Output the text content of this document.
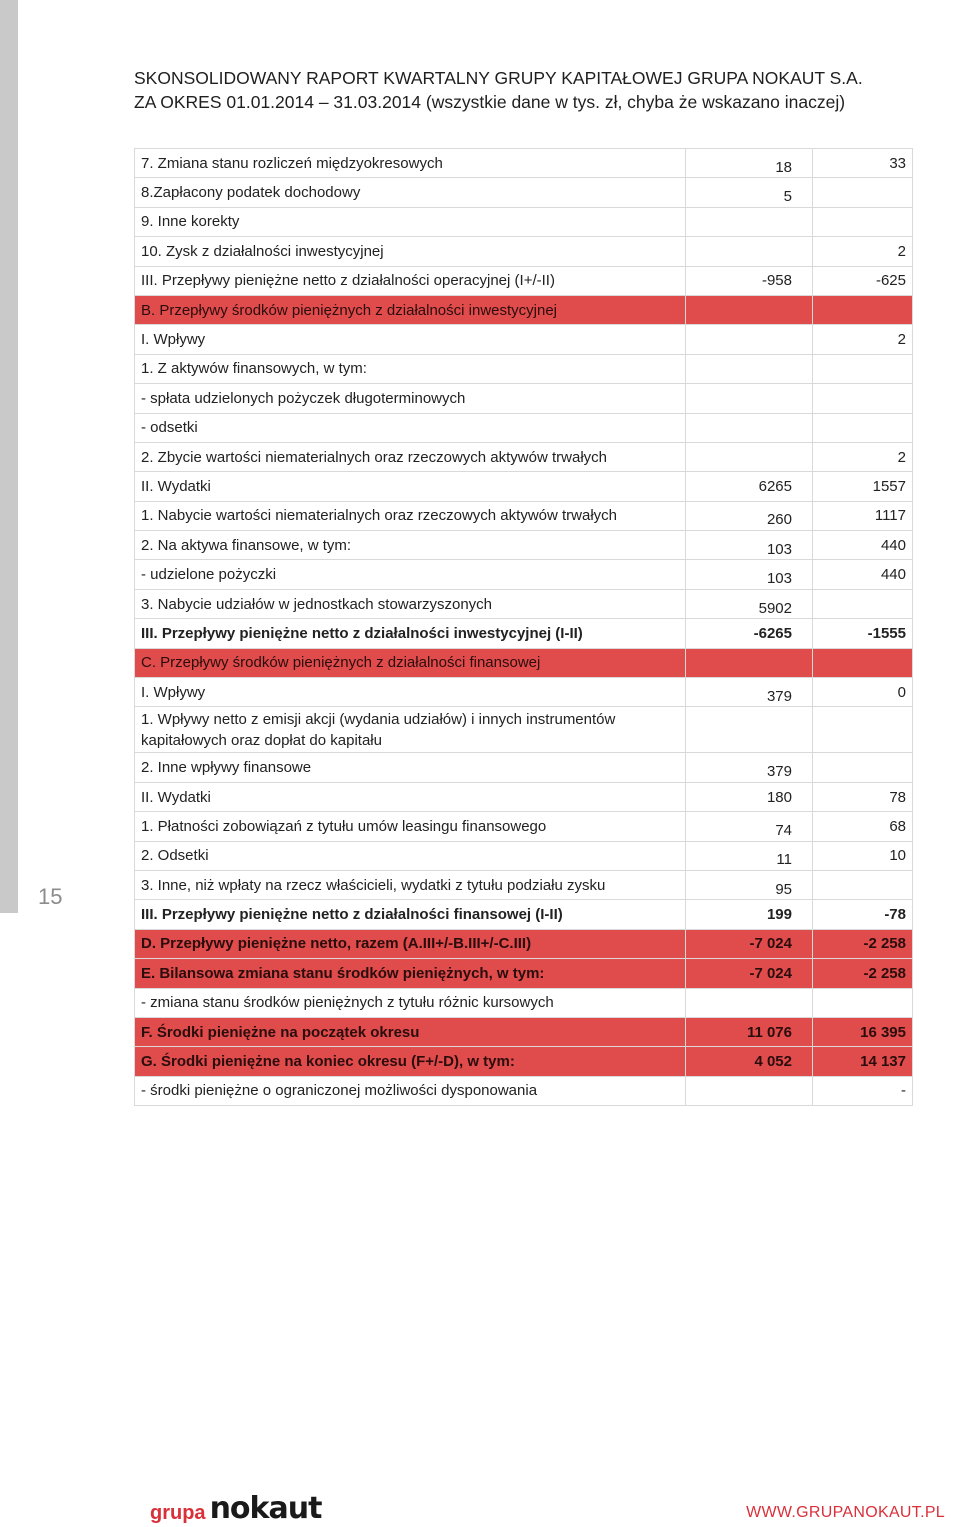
15
SKONSOLIDOWANY RAPORT KWARTALNY GRUPY KAPITAŁOWEJ GRUPA NOKAUT S.A.
ZA OKRES 01.01.2014 – 31.03.2014 (wszystkie dane w tys. zł, chyba że wskazano inaczej)
7. Zmiana stanu rozliczeń międzyokresowych	18	33
8.Zapłacony podatek dochodowy	5	
9. Inne korekty		
10. Zysk z działalności inwestycyjnej		2
III. Przepływy pieniężne netto z działalności operacyjnej (I+/-II)	-958	-625
B. Przepływy środków pieniężnych z działalności inwestycyjnej		
I. Wpływy		2
1. Z aktywów finansowych, w tym:		
- spłata udzielonych pożyczek długoterminowych		
- odsetki		
2. Zbycie wartości niematerialnych oraz rzeczowych aktywów trwałych		2
II. Wydatki	6265	1557
1. Nabycie wartości niematerialnych oraz rzeczowych aktywów trwałych	260	1117
2. Na aktywa finansowe, w tym:	103	440
- udzielone pożyczki	103	440
3. Nabycie udziałów w jednostkach stowarzyszonych	5902	
III. Przepływy pieniężne netto z działalności inwestycyjnej (I-II)	-6265	-1555
C. Przepływy środków pieniężnych z działalności finansowej		
I. Wpływy	379	0
1. Wpływy netto z emisji akcji (wydania udziałów) i innych instrumentów kapitałowych oraz dopłat do kapitału		
2. Inne wpływy finansowe	379	
II. Wydatki	180	78
1. Płatności zobowiązań z tytułu umów leasingu finansowego	74	68
2. Odsetki	11	10
3. Inne, niż wpłaty na rzecz właścicieli, wydatki z tytułu podziału zysku	95	
III. Przepływy pieniężne netto z działalności finansowej (I-II)	199	-78
D. Przepływy pieniężne netto, razem (A.III+/-B.III+/-C.III)	-7 024	-2 258
E. Bilansowa zmiana stanu środków pieniężnych, w tym:	-7 024	-2 258
- zmiana stanu środków pieniężnych z tytułu różnic kursowych		
F. Środki pieniężne na początek okresu	11 076	16 395
G. Środki pieniężne na koniec okresu (F+/-D), w tym:	4 052	14 137
- środki pieniężne o ograniczonej możliwości dysponowania		-
grupa nokaut	WWW.GRUPANOKAUT.PL
